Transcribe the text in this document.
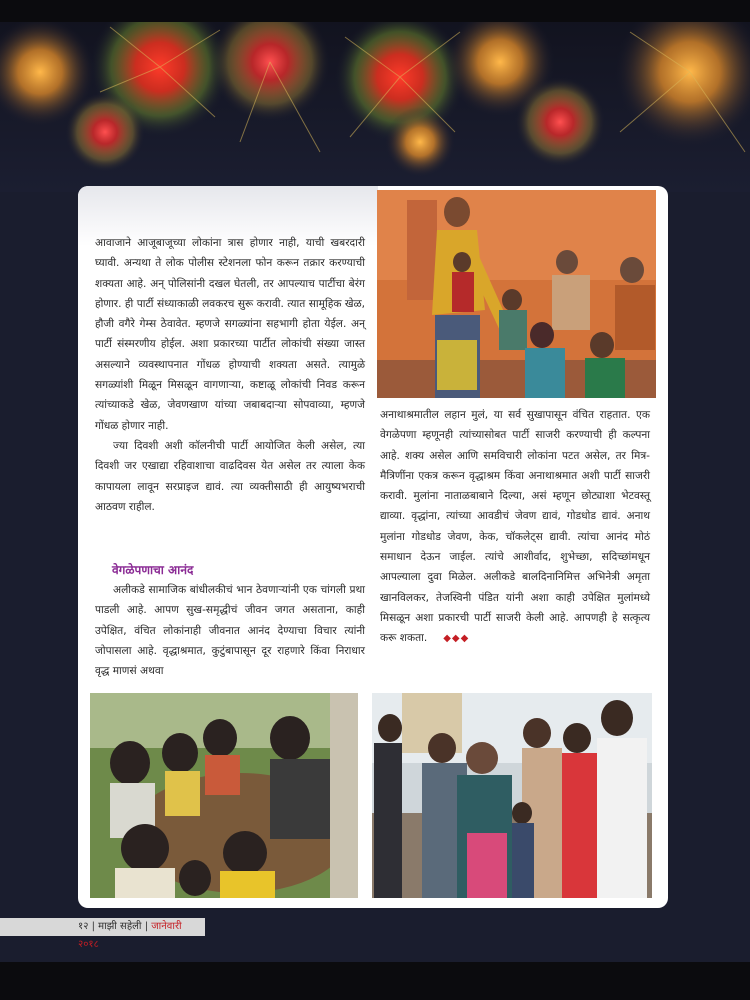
आवाजाने आजूबाजूच्या लोकांना त्रास होणार नाही, याची खबरदारी घ्यावी. अन्यथा ते लोक पोलीस स्टेशनला फोन करून तक्रार करण्याची शक्यता आहे. अन् पोलिसांनी दखल घेतली, तर आपल्याच पार्टीचा बेरंग होणार. ही पार्टी संध्याकाळी लवकरच सुरू करावी. त्यात सामूहिक खेळ, हौजी वगैरे गेम्स ठेवावेत. म्हणजे सगळ्यांना सहभागी होता येईल. अन् पार्टी संस्मरणीय होईल. अशा प्रकारच्या पार्टीत लोकांची संख्या जास्त असल्याने व्यवस्थापनात गोंधळ होण्याची शक्यता असते. त्यामुळे सगळ्यांशी मिळून मिसळून वागणाऱ्या, कष्टाळू लोकांची निवड करून त्यांच्याकडे खेळ, जेवणखाण यांच्या जबाबदाऱ्या सोपवाव्या, म्हणजे गोंधळ होणार नाही.

ज्या दिवशी अशी कॉलनीची पार्टी आयोजित केली असेल, त्या दिवशी जर एखाद्या रहिवाशाचा वाढदिवस येत असेल तर त्याला केक कापायला लावून सरप्राइज द्यावं. त्या व्यक्तीसाठी ही आयुष्यभराची आठवण राहील.

वेगळेपणाचा आनंद

अलीकडे सामाजिक बांधीलकीचं भान ठेवणाऱ्यांनी एक चांगली प्रथा पाडली आहे. आपण सुख-समृद्धीचं जीवन जगत असताना, काही उपेक्षित, वंचित लोकांनाही जीवनात आनंद देण्याचा विचार त्यांनी जोपासला आहे. वृद्धाश्रमात, कुटुंबापासून दूर राहणारे किंवा निराधार वृद्ध माणसं अथवा

अनाथाश्रमातील लहान मुलं, या सर्व सुखापासून वंचित राहतात. एक वेगळेपणा म्हणूनही त्यांच्यासोबत पार्टी साजरी करण्याची ही कल्पना आहे. शक्य असेल आणि समविचारी लोकांना पटत असेल, तर मित्र-मैत्रिणींना एकत्र करून वृद्धाश्रम किंवा अनाथाश्रमात अशी पार्टी साजरी करावी. मुलांना नाताळबाबाने दिल्या, असं म्हणून छोट्याशा भेटवस्तू द्याव्या. वृद्धांना, त्यांच्या आवडीचं जेवण द्यावं, गोडधोड द्यावं. अनाथ मुलांना गोडधोड जेवण, केक, चॉकलेट्स द्यावी. त्यांचा आनंद मोठं समाधान देऊन जाईल. त्यांचे आशीर्वाद, शुभेच्छा, सदिच्छांमधून आपल्याला दुवा मिळेल. अलीकडे बालदिनानिमित्त अभिनेत्री अमृता खानविलकर, तेजस्विनी पंडित यांनी अशा काही उपेक्षित मुलांमध्ये मिसळून अशा प्रकारची पार्टी साजरी केली आहे. आपणही हे सत्कृत्य करू शकता. ◆◆◆

१२ | माझी सहेली | जानेवारी २०१८
